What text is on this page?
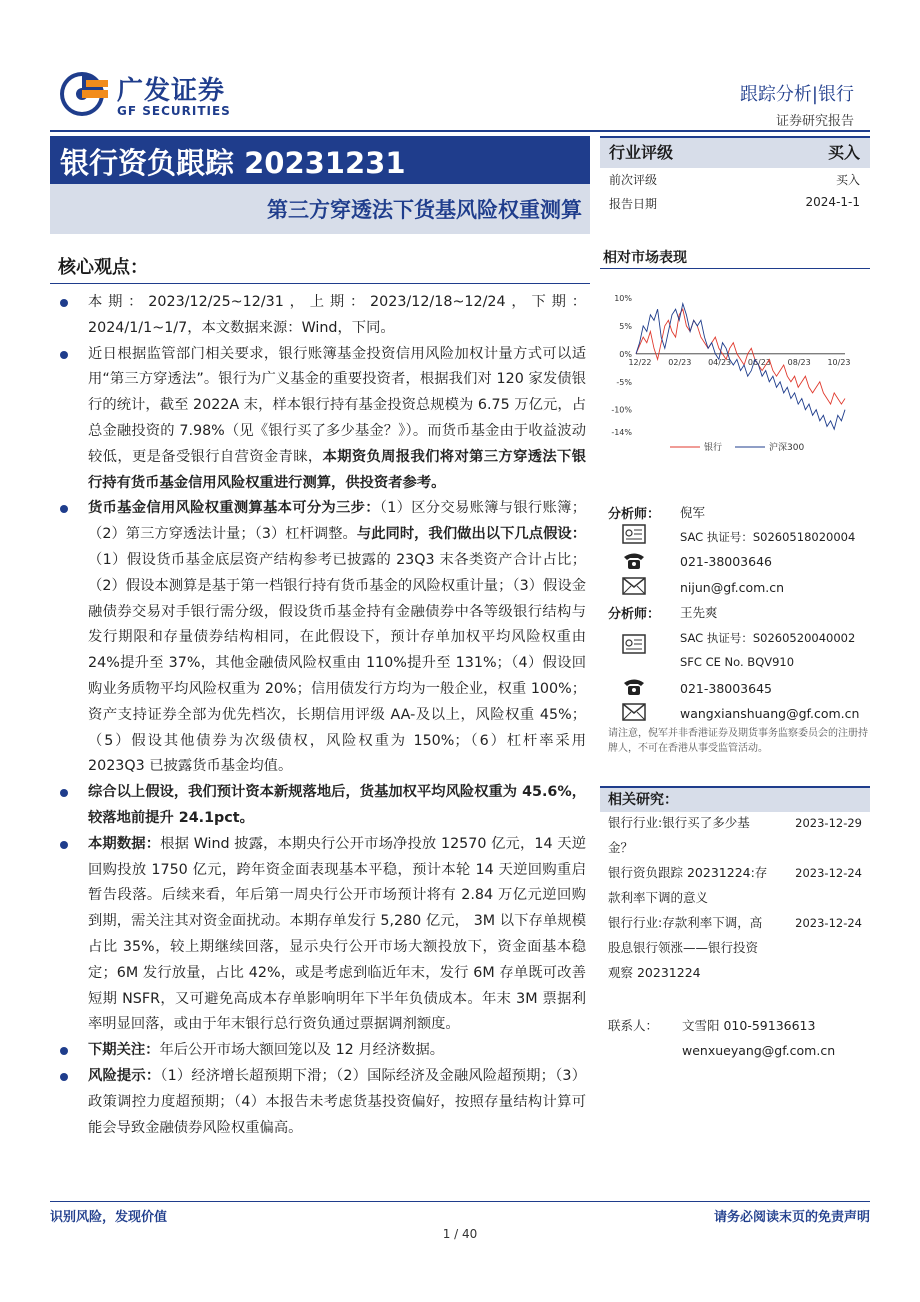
广发证券
GF SECURITIES
跟踪分析|银行
证券研究报告
银行资负跟踪 20231231
第三方穿透法下货基风险权重测算
行业评级	买入
前次评级	买入
报告日期	2024-1-1
核心观点：
本期：2023/12/25~12/31，上期：2023/12/18~12/24，下期：2024/1/1~1/7，本文数据来源：Wind，下同。
近日根据监管部门相关要求，银行账簿基金投资信用风险加权计量方式可以适用“第三方穿透法”。银行为广义基金的重要投资者，根据我们对 120 家发债银行的统计，截至 2022A 末，样本银行持有基金投资总规模为 6.75 万亿元，占总金融投资的 7.98%（见《银行买了多少基金？》）。而货币基金由于收益波动较低，更是备受银行自营资金青睐，本期资负周报我们将对第三方穿透法下银行持有货币基金信用风险权重进行测算，供投资者参考。
货币基金信用风险权重测算基本可分为三步：（1）区分交易账簿与银行账簿；（2）第三方穿透法计量；（3）杠杆调整。与此同时，我们做出以下几点假设：（1）假设货币基金底层资产结构参考已披露的 23Q3 末各类资产合计占比；（2）假设本测算是基于第一档银行持有货币基金的风险权重计量；（3）假设金融债券交易对手银行需分级，假设货币基金持有金融债券中各等级银行结构与发行期限和存量债券结构相同，在此假设下，预计存单加权平均风险权重由 24%提升至 37%，其他金融债风险权重由 110%提升至 131%；（4）假设回购业务质物平均风险权重为 20%；信用债发行方均为一般企业，权重 100%；资产支持证券全部为优先档次，长期信用评级 AA-及以上，风险权重 45%；（5）假设其他债券为次级债权，风险权重为 150%；（6）杠杆率采用 2023Q3 已披露货币基金均值。
综合以上假设，我们预计资本新规落地后，货基加权平均风险权重为 45.6%，较落地前提升 24.1pct。
本期数据：根据 Wind 披露，本期央行公开市场净投放 12570 亿元，14 天逆回购投放 1750 亿元，跨年资金面表现基本平稳，预计本轮 14 天逆回购重启暂告段落。后续来看，年后第一周央行公开市场预计将有 2.84 万亿元逆回购到期，需关注其对资金面扰动。本期存单发行 5,280 亿元， 3M 以下存单规模占比 35%，较上期继续回落，显示央行公开市场大额投放下，资金面基本稳定；6M 发行放量，占比 42%，或是考虑到临近年末，发行 6M 存单既可改善短期 NSFR，又可避免高成本存单影响明年下半年负债成本。年末 3M 票据利率明显回落，或由于年末银行总行资负通过票据调剂额度。
下期关注：年后公开市场大额回笼以及 12 月经济数据。
风险提示：（1）经济增长超预期下滑；（2）国际经济及金融风险超预期；（3）政策调控力度超预期；（4）本报告未考虑货基投资偏好，按照存量结构计算可能会导致金融债券风险权重偏高。
相对市场表现
10%
5%
0%
-5%
-10%
-14%
12/22 02/23 04/23 06/23 08/23 10/23
银行	沪深300
分析师： 倪军
SAC 执证号：S0260518020004
021-38003646
nijun@gf.com.cn
分析师： 王先爽
SAC 执证号：S0260520040002
SFC CE No. BQV910
021-38003645
wangxianshuang@gf.com.cn
请注意，倪军并非香港证券及期货事务监察委员会的注册持牌人，不可在香港从事受监管活动。
相关研究：
银行行业:银行买了多少基
金？
2023-12-29
银行资负跟踪 20231224:存
款利率下调的意义
2023-12-24
银行行业:存款利率下调，高
股息银行领涨——银行投资
观察 20231224
2023-12-24
联系人： 文雪阳 010-59136613
wenxueyang@gf.com.cn
识别风险，发现价值	请务必阅读末页的免责声明
1 / 40
